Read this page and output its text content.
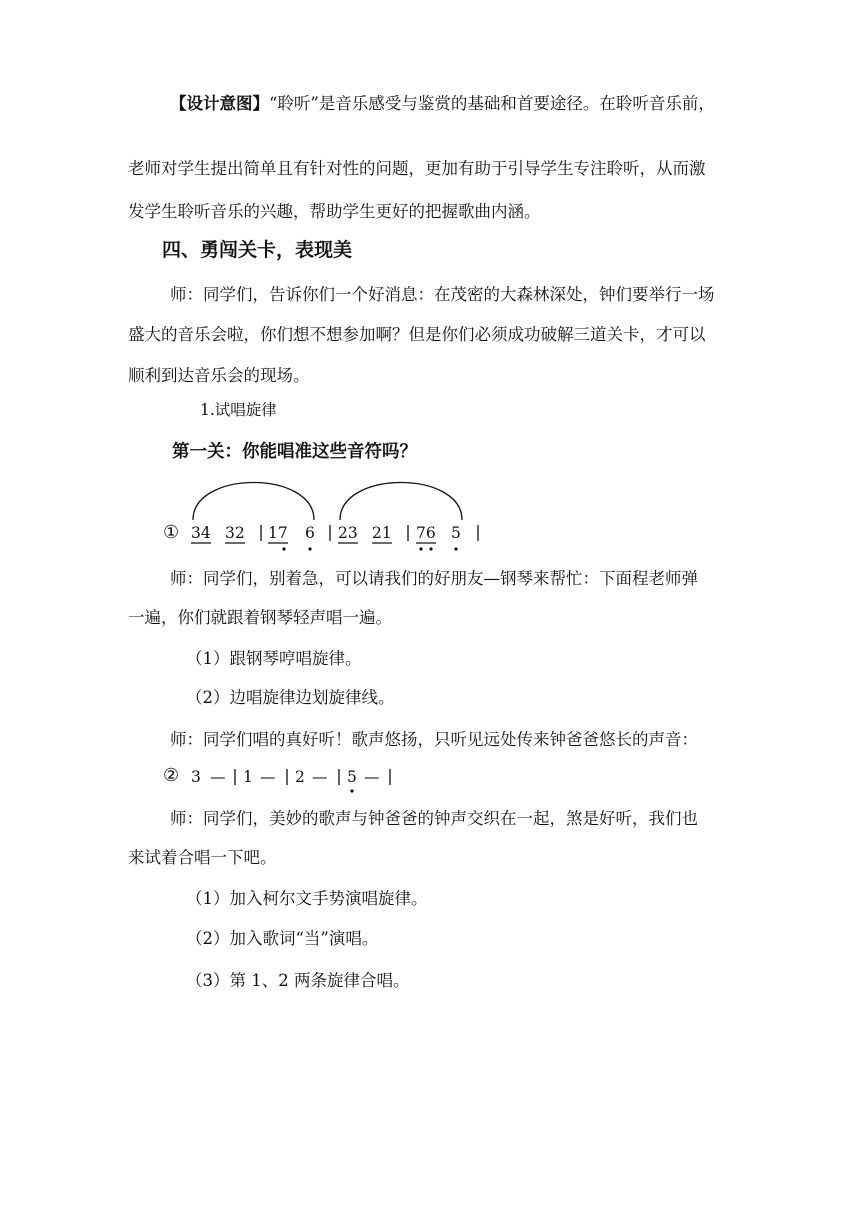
【设计意图】“聆听”是音乐感受与鉴赏的基础和首要途径。在聆听音乐前，
老师对学生提出简单且有针对性的问题，更加有助于引导学生专注聆听，从而激
发学生聆听音乐的兴趣，帮助学生更好的把握歌曲内涵。
四、勇闯关卡，表现美
师：同学们，告诉你们一个好消息：在茂密的大森林深处，钟们要举行一场
盛大的音乐会啦，你们想不想参加啊？但是你们必须成功破解三道关卡，才可以
顺利到达音乐会的现场。
1.试唱旋律
第一关：你能唱准这些音符吗？
① 34 32 17 6 23 21 76 5
师：同学们，别着急，可以请我们的好朋友—钢琴来帮忙：下面程老师弹
一遍，你们就跟着钢琴轻声唱一遍。
（1）跟钢琴哼唱旋律。
（2）边唱旋律边划旋律线。
师：同学们唱的真好听！歌声悠扬，只听见远处传来钟爸爸悠长的声音：
② 3 — 1 — 2 — 5 —
师：同学们，美妙的歌声与钟爸爸的钟声交织在一起，煞是好听，我们也
来试着合唱一下吧。
（1）加入柯尔文手势演唱旋律。
（2）加入歌词“当”演唱。
（3）第 1、2 两条旋律合唱。
